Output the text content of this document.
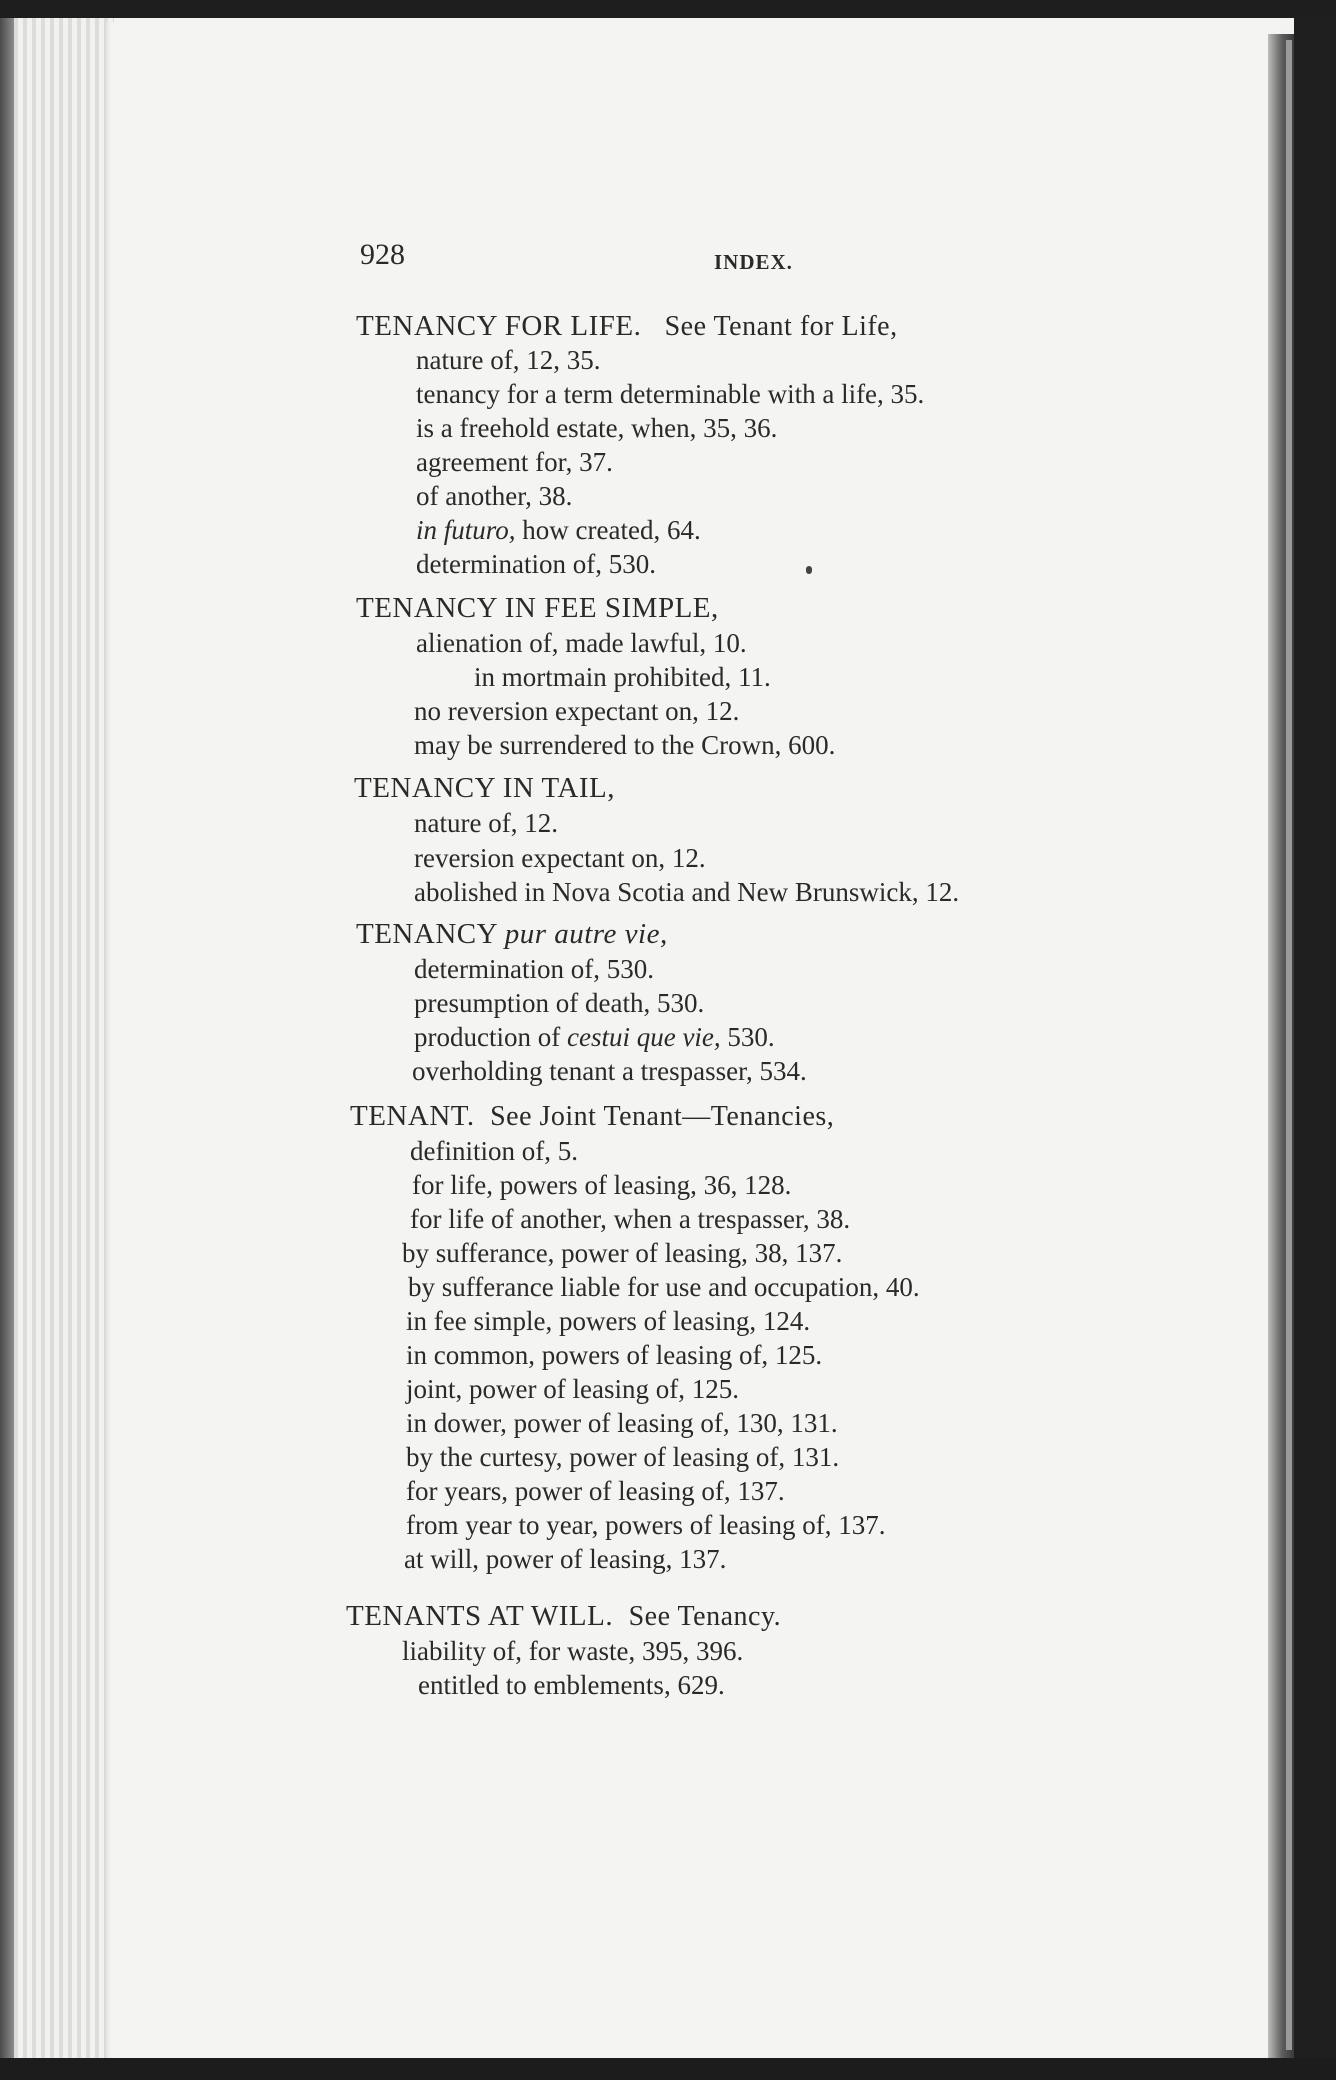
928	INDEX.
TENANCY FOR LIFE. See Tenant for Life,
nature of, 12, 35.
tenancy for a term determinable with a life, 35.
is a freehold estate, when, 35, 36.
agreement for, 37.
of another, 38.
in futuro, how created, 64.
determination of, 530.
TENANCY IN FEE SIMPLE,
alienation of, made lawful, 10.
in mortmain prohibited, 11.
no reversion expectant on, 12.
may be surrendered to the Crown, 600.
TENANCY IN TAIL,
nature of, 12.
reversion expectant on, 12.
abolished in Nova Scotia and New Brunswick, 12.
TENANCY pur autre vie,
determination of, 530.
presumption of death, 530.
production of cestui que vie, 530.
overholding tenant a trespasser, 534.
TENANT. See Joint Tenant—Tenancies,
definition of, 5.
for life, powers of leasing, 36, 128.
for life of another, when a trespasser, 38.
by sufferance, power of leasing, 38, 137.
by sufferance liable for use and occupation, 40.
in fee simple, powers of leasing, 124.
in common, powers of leasing of, 125.
joint, power of leasing of, 125.
in dower, power of leasing of, 130, 131.
by the curtesy, power of leasing of, 131.
for years, power of leasing of, 137.
from year to year, powers of leasing of, 137.
at will, power of leasing, 137.
TENANTS AT WILL. See Tenancy.
liability of, for waste, 395, 396.
entitled to emblements, 629.
